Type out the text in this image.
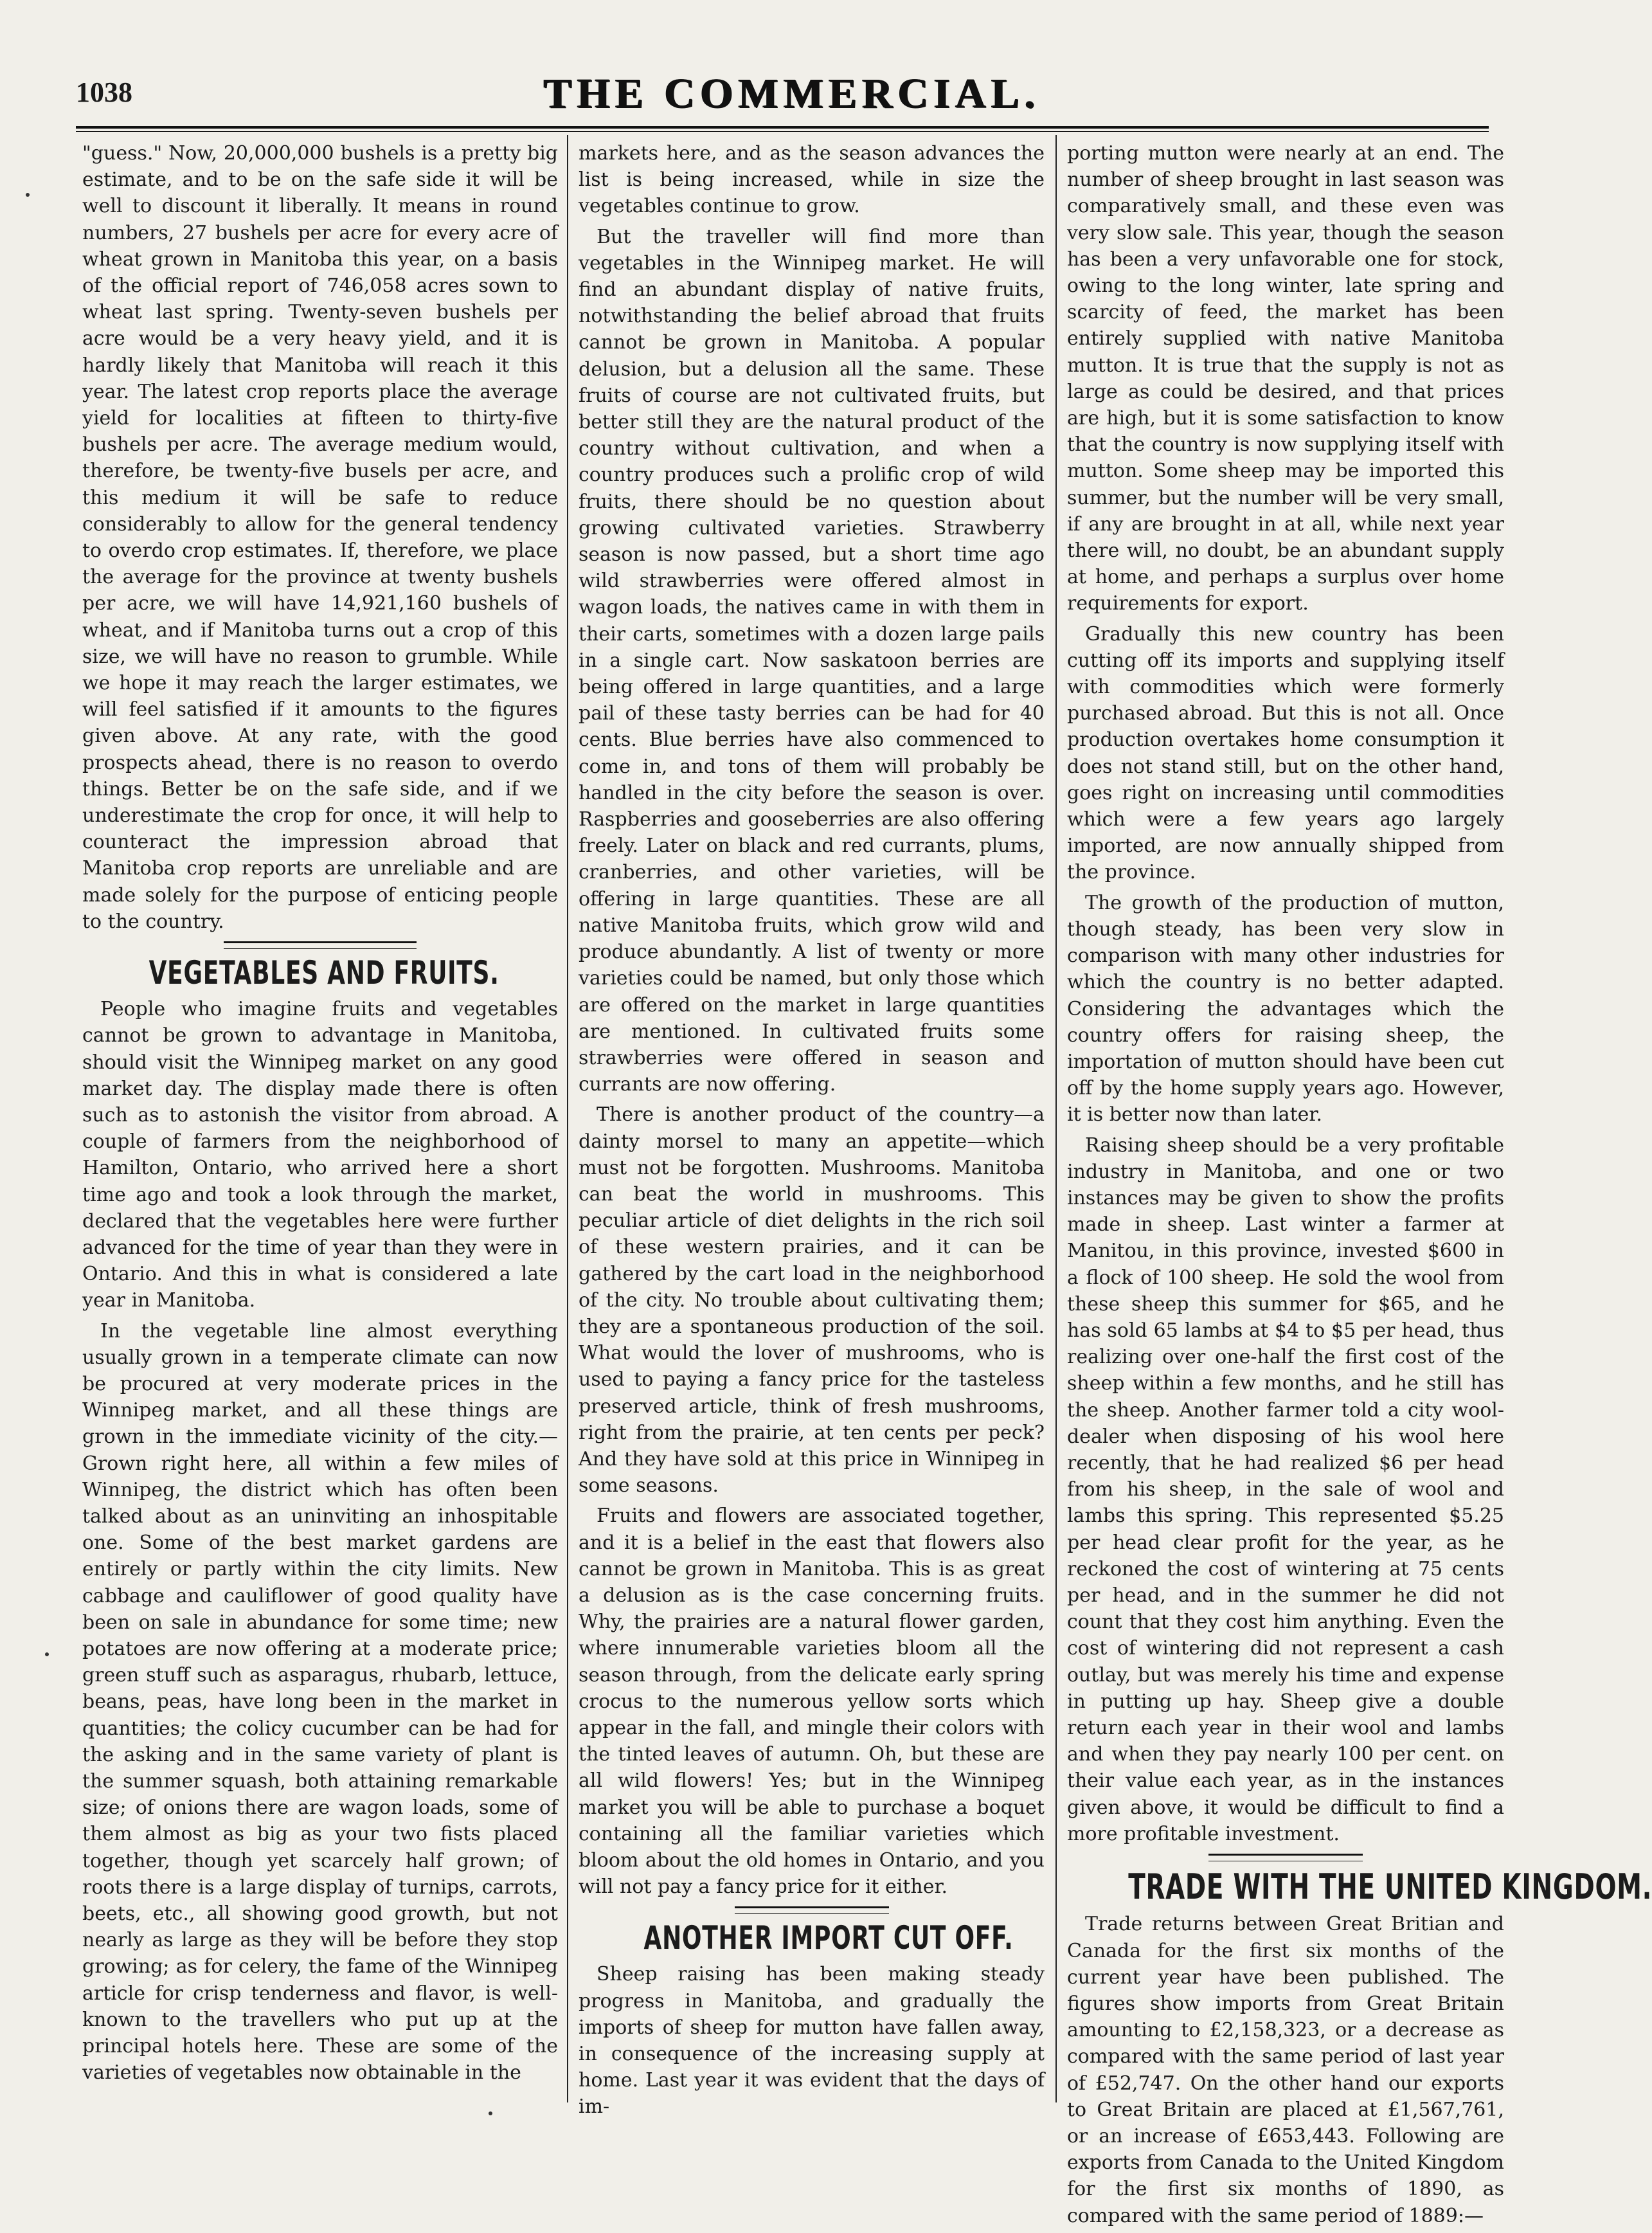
1038	THE COMMERCIAL.

"guess." Now, 20,000,000 bushels is a pretty big estimate, and to be on the safe side it will be well to discount it liberally. It means in round numbers, 27 bushels per acre for every acre of wheat grown in Manitoba this year, on a basis of the official report of 746,058 acres sown to wheat last spring. Twenty-seven bushels per acre would be a very heavy yield, and it is hardly likely that Manitoba will reach it this year. The latest crop reports place the average yield for localities at fifteen to thirty-five bushels per acre. The average medium would, therefore, be twenty-five busels per acre, and this medium it will be safe to reduce considerably to allow for the general tendency to overdo crop estimates. If, therefore, we place the average for the province at twenty bushels per acre, we will have 14,921,160 bushels of wheat, and if Manitoba turns out a crop of this size, we will have no reason to grumble. While we hope it may reach the larger estimates, we will feel satisfied if it amounts to the figures given above. At any rate, with the good prospects ahead, there is no reason to overdo things. Better be on the safe side, and if we underestimate the crop for once, it will help to counteract the impression abroad that Manitoba crop reports are unreliable and are made solely for the purpose of enticing people to the country.

VEGETABLES AND FRUITS.

People who imagine fruits and vegetables cannot be grown to advantage in Manitoba, should visit the Winnipeg market on any good market day. The display made there is often such as to astonish the visitor from abroad. A couple of farmers from the neighborhood of Hamilton, Ontario, who arrived here a short time ago and took a look through the market, declared that the vegetables here were further advanced for the time of year than they were in Ontario. And this in what is considered a late year in Manitoba.

In the vegetable line almost everything usually grown in a temperate climate can now be procured at very moderate prices in the Winnipeg market, and all these things are grown in the immediate vicinity of the city.—Grown right here, all within a few miles of Winnipeg, the district which has often been talked about as an uninviting an inhospitable one. Some of the best market gardens are entirely or partly within the city limits. New cabbage and cauliflower of good quality have been on sale in abundance for some time; new potatoes are now offering at a moderate price; green stuff such as asparagus, rhubarb, lettuce, beans, peas, have long been in the market in quantities; the colicy cucumber can be had for the asking and in the same variety of plant is the summer squash, both attaining remarkable size; of onions there are wagon loads, some of them almost as big as your two fists placed together, though yet scarcely half grown; of roots there is a large display of turnips, carrots, beets, etc., all showing good growth, but not nearly as large as they will be before they stop growing; as for celery, the fame of the Winnipeg article for crisp tenderness and flavor, is well-known to the travellers who put up at the principal hotels here. These are some of the varieties of vegetables now obtainable in the

markets here, and as the season advances the list is being increased, while in size the vegetables continue to grow.

But the traveller will find more than vegetables in the Winnipeg market. He will find an abundant display of native fruits, notwithstanding the belief abroad that fruits cannot be grown in Manitoba. A popular delusion, but a delusion all the same. These fruits of course are not cultivated fruits, but better still they are the natural product of the country without cultivation, and when a country produces such a prolific crop of wild fruits, there should be no question about growing cultivated varieties. Strawberry season is now passed, but a short time ago wild strawberries were offered almost in wagon loads, the natives came in with them in their carts, sometimes with a dozen large pails in a single cart. Now saskatoon berries are being offered in large quantities, and a large pail of these tasty berries can be had for 40 cents. Blue berries have also commenced to come in, and tons of them will probably be handled in the city before the season is over. Raspberries and gooseberries are also offering freely. Later on black and red currants, plums, cranberries, and other varieties, will be offering in large quantities. These are all native Manitoba fruits, which grow wild and produce abundantly. A list of twenty or more varieties could be named, but only those which are offered on the market in large quantities are mentioned. In cultivated fruits some strawberries were offered in season and currants are now offering.

There is another product of the country—a dainty morsel to many an appetite—which must not be forgotten. Mushrooms. Manitoba can beat the world in mushrooms. This peculiar article of diet delights in the rich soil of these western prairies, and it can be gathered by the cart load in the neighborhood of the city. No trouble about cultivating them; they are a spontaneous production of the soil. What would the lover of mushrooms, who is used to paying a fancy price for the tasteless preserved article, think of fresh mushrooms, right from the prairie, at ten cents per peck? And they have sold at this price in Winnipeg in some seasons.

Fruits and flowers are associated together, and it is a belief in the east that flowers also cannot be grown in Manitoba. This is as great a delusion as is the case concerning fruits. Why, the prairies are a natural flower garden, where innumerable varieties bloom all the season through, from the delicate early spring crocus to the numerous yellow sorts which appear in the fall, and mingle their colors with the tinted leaves of autumn. Oh, but these are all wild flowers! Yes; but in the Winnipeg market you will be able to purchase a boquet containing all the familiar varieties which bloom about the old homes in Ontario, and you will not pay a fancy price for it either.

ANOTHER IMPORT CUT OFF.

Sheep raising has been making steady progress in Manitoba, and gradually the imports of sheep for mutton have fallen away, in consequence of the increasing supply at home. Last year it was evident that the days of im-

porting mutton were nearly at an end. The number of sheep brought in last season was comparatively small, and these even was very slow sale. This year, though the season has been a very unfavorable one for stock, owing to the long winter, late spring and scarcity of feed, the market has been entirely supplied with native Manitoba mutton. It is true that the supply is not as large as could be desired, and that prices are high, but it is some satisfaction to know that the country is now supplying itself with mutton. Some sheep may be imported this summer, but the number will be very small, if any are brought in at all, while next year there will, no doubt, be an abundant supply at home, and perhaps a surplus over home requirements for export.

Gradually this new country has been cutting off its imports and supplying itself with commodities which were formerly purchased abroad. But this is not all. Once production overtakes home consumption it does not stand still, but on the other hand, goes right on increasing until commodities which were a few years ago largely imported, are now annually shipped from the province.

The growth of the production of mutton, though steady, has been very slow in comparison with many other industries for which the country is no better adapted. Considering the advantages which the country offers for raising sheep, the importation of mutton should have been cut off by the home supply years ago. However, it is better now than later.

Raising sheep should be a very profitable industry in Manitoba, and one or two instances may be given to show the profits made in sheep. Last winter a farmer at Manitou, in this province, invested $600 in a flock of 100 sheep. He sold the wool from these sheep this summer for $65, and he has sold 65 lambs at $4 to $5 per head, thus realizing over one-half the first cost of the sheep within a few months, and he still has the sheep. Another farmer told a city wool-dealer when disposing of his wool here recently, that he had realized $6 per head from his sheep, in the sale of wool and lambs this spring. This represented $5.25 per head clear profit for the year, as he reckoned the cost of wintering at 75 cents per head, and in the summer he did not count that they cost him anything. Even the cost of wintering did not represent a cash outlay, but was merely his time and expense in putting up hay. Sheep give a double return each year in their wool and lambs and when they pay nearly 100 per cent. on their value each year, as in the instances given above, it would be difficult to find a more profitable investment.

TRADE WITH THE UNITED KINGDOM.

Trade returns between Great Britian and Canada for the first six months of the current year have been published. The figures show imports from Great Britain amounting to £2,158,323, or a decrease as compared with the same period of last year of £52,747. On the other hand our exports to Great Britain are placed at £1,567,761, or an increase of £653,443. Following are exports from Canada to the United Kingdom for the first six months of 1890, as compared with the same period of 1889:—
